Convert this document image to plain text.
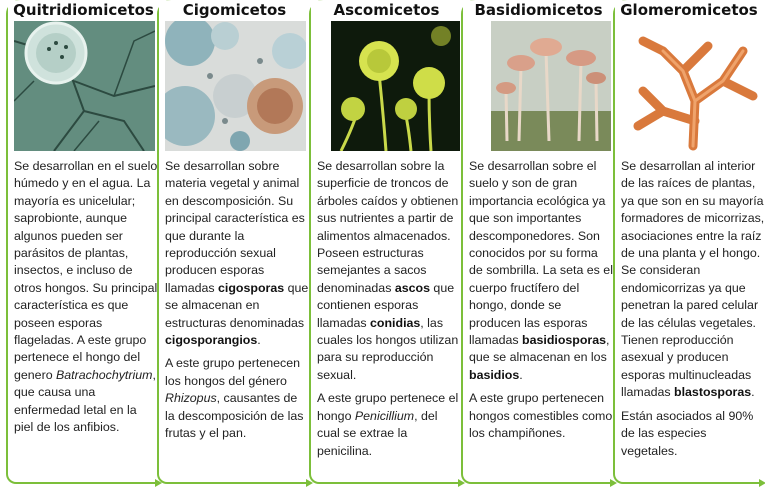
Quitridiomicetos

Se desarrollan en el suelo húmedo y en el agua. La mayoría es unicelular; saprobionte, aunque algunos pueden ser parásitos de plantas, insectos, e incluso de otros hongos. Su principal característica es que poseen esporas flageladas. A este grupo pertenece el hongo del genero Batrachochytrium, que causa una enfermedad letal en la piel de los anfibios.

Cigomicetos

Se desarrollan sobre materia vegetal y animal en descomposición. Su principal característica es que durante la reproducción sexual producen esporas llamadas cigosporas que se almacenan en estructuras denominadas cigosporangios.

A este grupo pertenecen los hongos del género Rhizopus, causantes de la descomposición de las frutas y el pan.

Ascomicetos

Se desarrollan sobre la superficie de troncos de árboles caídos y obtienen sus nutrientes a partir de alimentos almacenados. Poseen estructuras semejantes a sacos denominadas ascos que contienen esporas llamadas conidias, las cuales los hongos utilizan para su reproducción sexual.

A este grupo pertenece el hongo Penicillium, del cual se extrae la penicilina.

Basidiomicetos

Se desarrollan sobre el suelo y son de gran importancia ecológica ya que son importantes descomponedores. Son conocidos por su forma de sombrilla. La seta es el cuerpo fructífero del hongo, donde se producen las esporas llamadas basidiosporas, que se almacenan en los basidios.

A este grupo pertenecen hongos comestibles como los champiñones.

Glomeromicetos

Se desarrollan al interior de las raíces de plantas, ya que son en su mayoría formadores de micorrizas, asociaciones entre la raíz de una planta y el hongo. Se consideran endomicorrizas ya que penetran la pared celular de las células vegetales. Tienen reproducción asexual y producen esporas multinucleadas llamadas blastosporas.

Están asociados al 90% de las especies vegetales.
